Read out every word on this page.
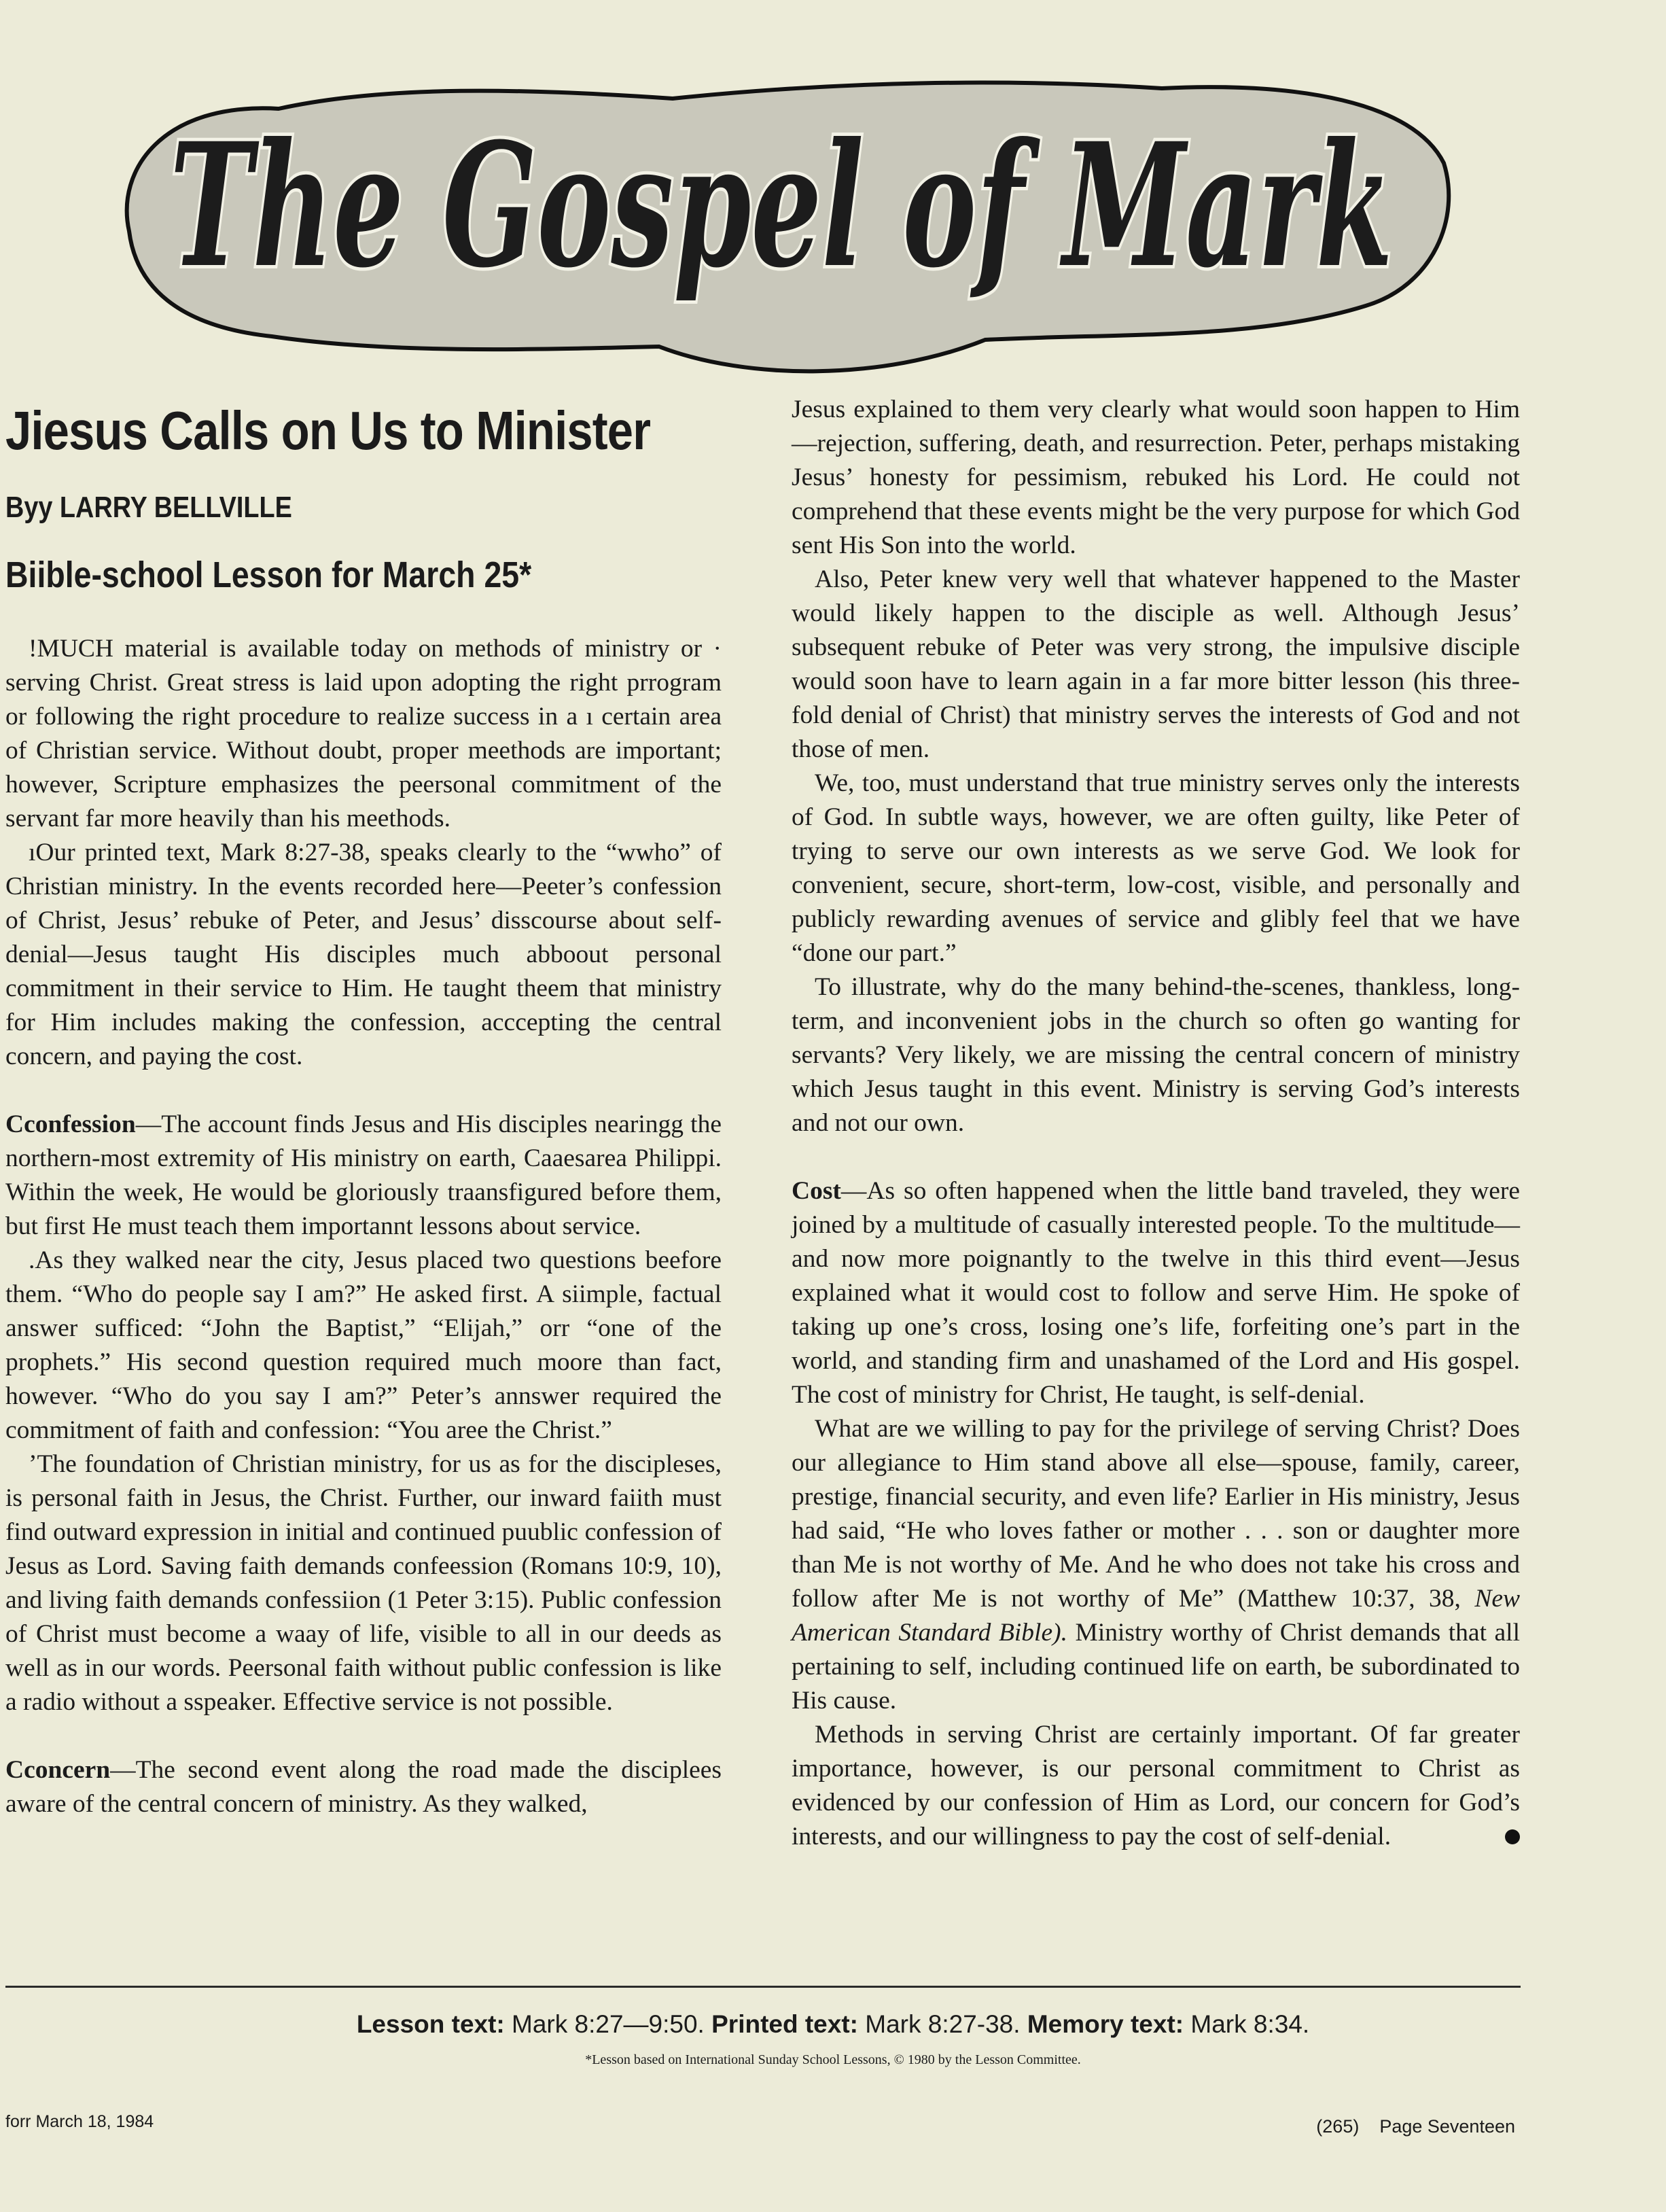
The Gospel of Mark
Jiesus Calls on Us to Minister
Byy LARRY BELLVILLE
Biible-school Lesson for March 25*

!MUCH material is available today on methods of ministry or · serving Christ. Great stress is laid upon adopting the right prrogram or following the right procedure to realize success in a ı certain area of Christian service. Without doubt, proper meethods are important; however, Scripture emphasizes the peersonal commitment of the servant far more heavily than his meethods.

ıOur printed text, Mark 8:27-38, speaks clearly to the “wwho” of Christian ministry. In the events recorded here—Peeter’s confession of Christ, Jesus’ rebuke of Peter, and Jesus’ disscourse about self-denial—Jesus taught His disciples much abboout personal commitment in their service to Him. He taught theem that ministry for Him includes making the confession, acccepting the central concern, and paying the cost.

Cconfession—The account finds Jesus and His disciples nearingg the northern-most extremity of His ministry on earth, Caaesarea Philippi. Within the week, He would be gloriously traansfigured before them, but first He must teach them importannt lessons about service.

.As they walked near the city, Jesus placed two questions beefore them. “Who do people say I am?” He asked first. A siimple, factual answer sufficed: “John the Baptist,” “Elijah,” orr “one of the prophets.” His second question required much moore than fact, however. “Who do you say I am?” Peter’s annswer required the commitment of faith and confession: “You aree the Christ.”

’The foundation of Christian ministry, for us as for the discipleses, is personal faith in Jesus, the Christ. Further, our inward faiith must find outward expression in initial and continued puublic confession of Jesus as Lord. Saving faith demands confeession (Romans 10:9, 10), and living faith demands confessiion (1 Peter 3:15). Public confession of Christ must become a waay of life, visible to all in our deeds as well as in our words. Peersonal faith without public confession is like a radio without a sspeaker. Effective service is not possible.

Cconcern—The second event along the road made the disciplees aware of the central concern of ministry. As they walked,

Jesus explained to them very clearly what would soon happen to Him—rejection, suffering, death, and resurrection. Peter, perhaps mistaking Jesus’ honesty for pessimism, rebuked his Lord. He could not comprehend that these events might be the very purpose for which God sent His Son into the world.

Also, Peter knew very well that whatever happened to the Master would likely happen to the disciple as well. Although Jesus’ subsequent rebuke of Peter was very strong, the impulsive disciple would soon have to learn again in a far more bitter lesson (his three-fold denial of Christ) that ministry serves the interests of God and not those of men.

We, too, must understand that true ministry serves only the interests of God. In subtle ways, however, we are often guilty, like Peter of trying to serve our own interests as we serve God. We look for convenient, secure, short-term, low-cost, visible, and personally and publicly rewarding avenues of service and glibly feel that we have “done our part.”

To illustrate, why do the many behind-the-scenes, thankless, long-term, and inconvenient jobs in the church so often go wanting for servants? Very likely, we are missing the central concern of ministry which Jesus taught in this event. Ministry is serving God’s interests and not our own.

Cost—As so often happened when the little band traveled, they were joined by a multitude of casually interested people. To the multitude—and now more poignantly to the twelve in this third event—Jesus explained what it would cost to follow and serve Him. He spoke of taking up one’s cross, losing one’s life, forfeiting one’s part in the world, and standing firm and unashamed of the Lord and His gospel. The cost of ministry for Christ, He taught, is self-denial.

What are we willing to pay for the privilege of serving Christ? Does our allegiance to Him stand above all else—spouse, family, career, prestige, financial security, and even life? Earlier in His ministry, Jesus had said, “He who loves father or mother . . . son or daughter more than Me is not worthy of Me. And he who does not take his cross and follow after Me is not worthy of Me” (Matthew 10:37, 38, New American Standard Bible). Ministry worthy of Christ demands that all pertaining to self, including continued life on earth, be subordinated to His cause.

Methods in serving Christ are certainly important. Of far greater importance, however, is our personal commitment to Christ as evidenced by our confession of Him as Lord, our concern for God’s interests, and our willingness to pay the cost of self-denial.

Lesson text: Mark 8:27—9:50. Printed text: Mark 8:27-38. Memory text: Mark 8:34.
*Lesson based on International Sunday School Lessons, © 1980 by the Lesson Committee.
forr March 18, 1984	(265) Page Seventeen
